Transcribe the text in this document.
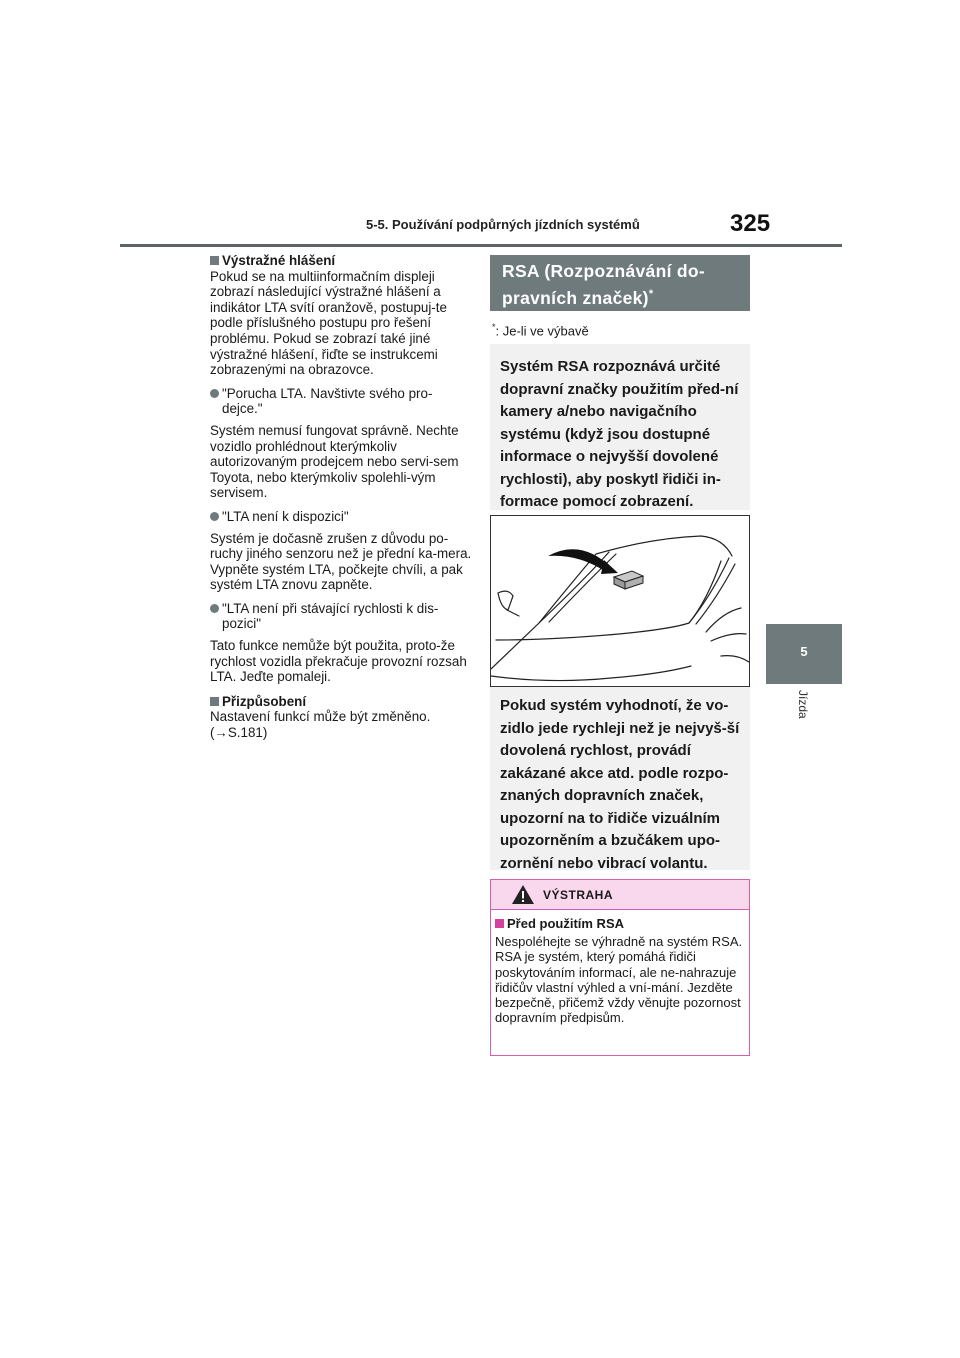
5-5. Používání podpůrných jízdních systémů	325
5
Jízda
Výstražné hlášení

Pokud se na multiinformačním displeji zobrazí následující výstražné hlášení a indikátor LTA svítí oranžově, postupuj-te podle příslušného postupu pro řešení problému. Pokud se zobrazí také jiné výstražné hlášení, řiďte se instrukcemi zobrazenými na obrazovce.

"Porucha LTA. Navštivte svého pro-dejce."

Systém nemusí fungovat správně. Nechte vozidlo prohlédnout kterýmkoliv autorizovaným prodejcem nebo servi-sem Toyota, nebo kterýmkoliv spolehli-vým servisem.

"LTA není k dispozici"

Systém je dočasně zrušen z důvodu po-ruchy jiného senzoru než je přední ka-mera. Vypněte systém LTA, počkejte chvíli, a pak systém LTA znovu zapněte.

"LTA není při stávající rychlosti k dis-pozici"

Tato funkce nemůže být použita, proto-že rychlost vozidla překračuje provozní rozsah LTA. Jeďte pomaleji.

Přizpůsobení

Nastavení funkcí může být změněno. (→S.181)

RSA (Rozpoznávání do-pravních značek)*
*: Je-li ve výbavě
Systém RSA rozpoznává určité dopravní značky použitím před-ní kamery a/nebo navigačního systému (když jsou dostupné informace o nejvyšší dovolené rychlosti), aby poskytl řidiči in-formace pomocí zobrazení.
Pokud systém vyhodnotí, že vo-zidlo jede rychleji než je nejvyš-ší dovolená rychlost, provádí zakázané akce atd. podle rozpo-znaných dopravních značek, upozorní na to řidiče vizuálním upozorněním a bzučákem upo-zornění nebo vibrací volantu.
VÝSTRAHA
Před použitím RSA
Nespoléhejte se výhradně na systém RSA. RSA je systém, který pomáhá řidiči poskytováním informací, ale ne-nahrazuje řidičův vlastní výhled a vní-mání. Jezděte bezpečně, přičemž vždy věnujte pozornost dopravním předpisům.
